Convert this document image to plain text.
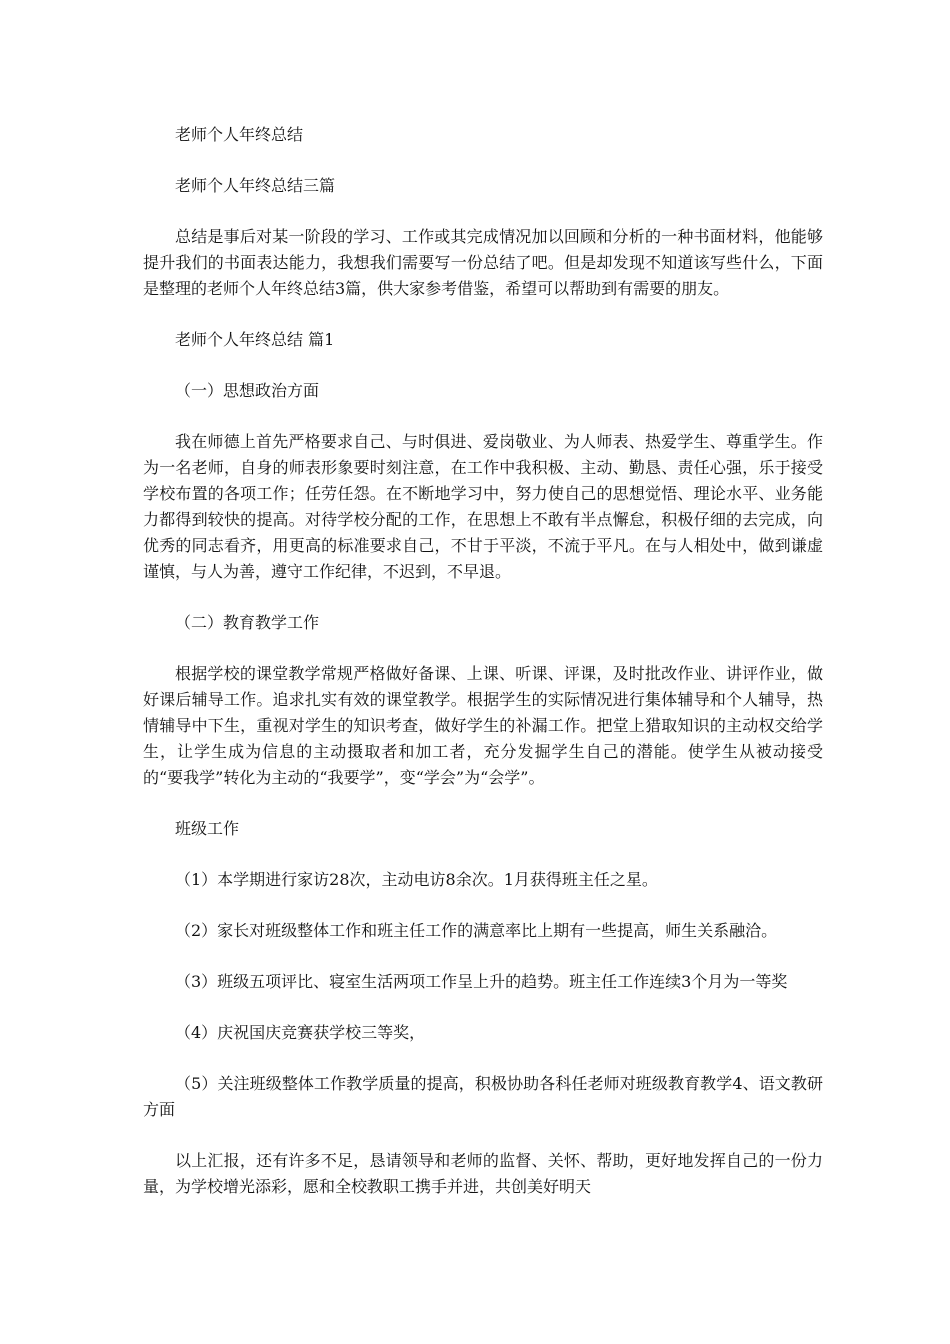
老师个人年终总结

老师个人年终总结三篇

总结是事后对某一阶段的学习、工作或其完成情况加以回顾和分析的一种书面材料，他能够提升我们的书面表达能力，我想我们需要写一份总结了吧。但是却发现不知道该写些什么，下面是整理的老师个人年终总结3篇，供大家参考借鉴，希望可以帮助到有需要的朋友。

老师个人年终总结 篇1

（一）思想政治方面

我在师德上首先严格要求自己、与时俱进、爱岗敬业、为人师表、热爱学生、尊重学生。作为一名老师，自身的师表形象要时刻注意，在工作中我积极、主动、勤恳、责任心强，乐于接受学校布置的各项工作；任劳任怨。在不断地学习中，努力使自己的思想觉悟、理论水平、业务能力都得到较快的提高。对待学校分配的工作，在思想上不敢有半点懈怠，积极仔细的去完成，向优秀的同志看齐，用更高的标准要求自己，不甘于平淡，不流于平凡。在与人相处中，做到谦虚谨慎，与人为善，遵守工作纪律，不迟到，不早退。

（二）教育教学工作

根据学校的课堂教学常规严格做好备课、上课、听课、评课，及时批改作业、讲评作业，做好课后辅导工作。追求扎实有效的课堂教学。根据学生的实际情况进行集体辅导和个人辅导，热情辅导中下生，重视对学生的知识考查，做好学生的补漏工作。把堂上猎取知识的主动权交给学生，让学生成为信息的主动摄取者和加工者，充分发掘学生自己的潜能。使学生从被动接受的“要我学”转化为主动的“我要学”，变“学会”为“会学”。

班级工作

（1）本学期进行家访28次，主动电访8余次。1月获得班主任之星。

（2）家长对班级整体工作和班主任工作的满意率比上期有一些提高，师生关系融洽。

（3）班级五项评比、寝室生活两项工作呈上升的趋势。班主任工作连续3个月为一等奖

（4）庆祝国庆竞赛获学校三等奖，

（5）关注班级整体工作教学质量的提高，积极协助各科任老师对班级教育教学4、语文教研方面

以上汇报，还有许多不足，恳请领导和老师的监督、关怀、帮助，更好地发挥自己的一份力量，为学校增光添彩，愿和全校教职工携手并进，共创美好明天
